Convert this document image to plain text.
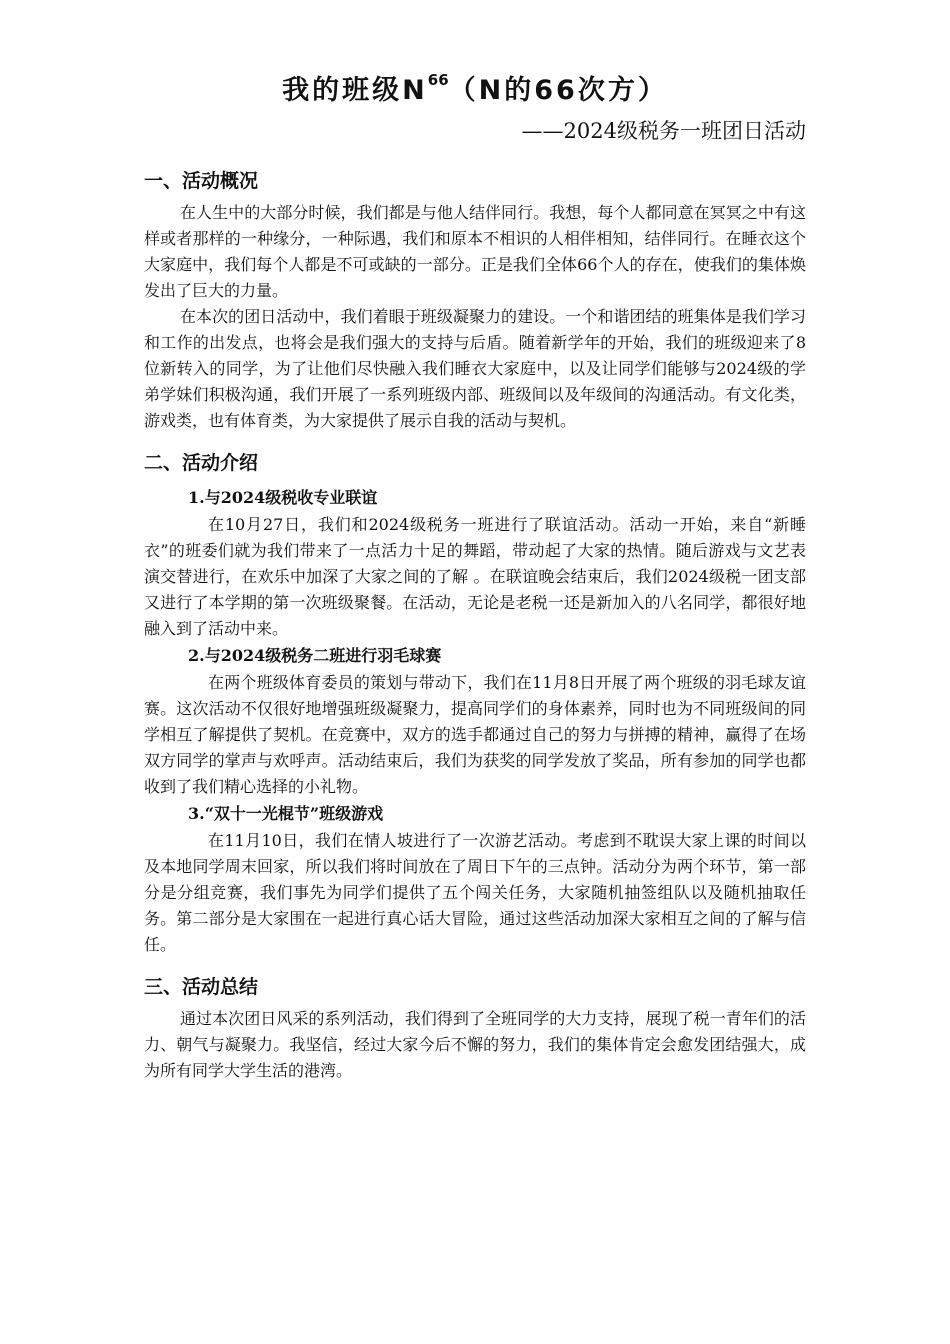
我的班级$N^{66}(N$的66次方）
——2024级税务一班团日活动
一、活动概况

在人生中的大部分时候，我们都是与他人结伴同行。我想，每个人都同意在冥冥之中有这样或者那样的一种缘分，一种际遇，我们和原本不相识的人相伴相知，结伴同行。在睡衣这个大家庭中，我们每个人都是不可或缺的一部分。正是我们全体66个人的存在，使我们的集体焕发出了巨大的力量。

在本次的团日活动中，我们着眼于班级凝聚力的建设。一个和谐团结的班集体是我们学习和工作的出发点，也将会是我们强大的支持与后盾。随着新学年的开始，我们的班级迎来了8位新转入的同学，为了让他们尽快融入我们睡衣大家庭中，以及让同学们能够与2024级的学弟学妹们积极沟通，我们开展了一系列班级内部、班级间以及年级间的沟通活动。有文化类，游戏类，也有体育类，为大家提供了展示自我的活动与契机。

二、活动介绍
1.与2024级税收专业联谊

在10月27日，我们和2024级税务一班进行了联谊活动。活动一开始，来自“新睡衣”的班委们就为我们带来了一点活力十足的舞蹈，带动起了大家的热情。随后游戏与文艺表演交替进行，在欢乐中加深了大家之间的了解 。在联谊晚会结束后，我们2024级税一团支部又进行了本学期的第一次班级聚餐。在活动，无论是老税一还是新加入的八名同学，都很好地融入到了活动中来。

2.与2024级税务二班进行羽毛球赛

在两个班级体育委员的策划与带动下，我们在11月8日开展了两个班级的羽毛球友谊赛。这次活动不仅很好地增强班级凝聚力，提高同学们的身体素养，同时也为不同班级间的同学相互了解提供了契机。在竞赛中，双方的选手都通过自己的努力与拼搏的精神，赢得了在场双方同学的掌声与欢呼声。活动结束后，我们为获奖的同学发放了奖品，所有参加的同学也都收到了我们精心选择的小礼物。

3.“双十一光棍节”班级游戏

在11月10日，我们在情人坡进行了一次游艺活动。考虑到不耽误大家上课的时间以及本地同学周末回家，所以我们将时间放在了周日下午的三点钟。活动分为两个环节，第一部分是分组竞赛，我们事先为同学们提供了五个闯关任务，大家随机抽签组队以及随机抽取任务。第二部分是大家围在一起进行真心话大冒险，通过这些活动加深大家相互之间的了解与信任。

三、活动总结

通过本次团日风采的系列活动，我们得到了全班同学的大力支持，展现了税一青年们的活力、朝气与凝聚力。我坚信，经过大家今后不懈的努力，我们的集体肯定会愈发团结强大，成为所有同学大学生活的港湾。
